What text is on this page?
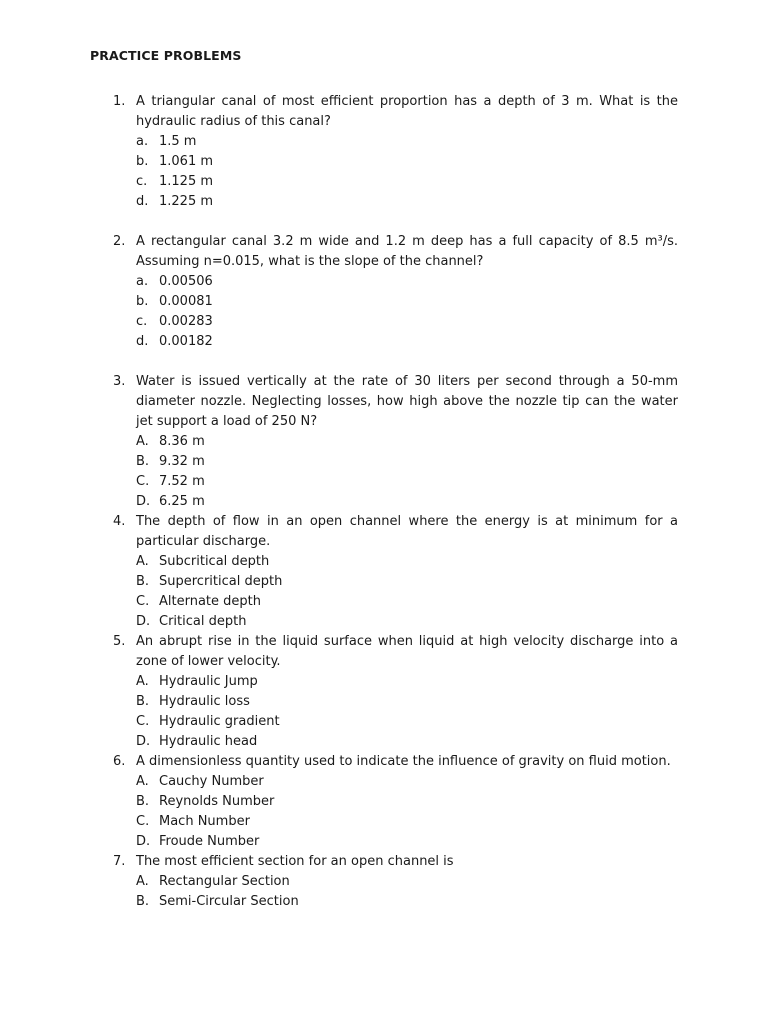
PRACTICE PROBLEMS
1. A triangular canal of most efficient proportion has a depth of 3 m. What is the hydraulic radius of this canal?
a. 1.5 m
b. 1.061 m
c. 1.125 m
d. 1.225 m
2. A rectangular canal 3.2 m wide and 1.2 m deep has a full capacity of 8.5 m³/s. Assuming n=0.015, what is the slope of the channel?
a. 0.00506
b. 0.00081
c. 0.00283
d. 0.00182
3. Water is issued vertically at the rate of 30 liters per second through a 50-mm diameter nozzle. Neglecting losses, how high above the nozzle tip can the water jet support a load of 250 N?
A. 8.36 m
B. 9.32 m
C. 7.52 m
D. 6.25 m
4. The depth of flow in an open channel where the energy is at minimum for a particular discharge.
A. Subcritical depth
B. Supercritical depth
C. Alternate depth
D. Critical depth
5. An abrupt rise in the liquid surface when liquid at high velocity discharge into a zone of lower velocity.
A. Hydraulic Jump
B. Hydraulic loss
C. Hydraulic gradient
D. Hydraulic head
6. A dimensionless quantity used to indicate the influence of gravity on fluid motion.
A. Cauchy Number
B. Reynolds Number
C. Mach Number
D. Froude Number
7. The most efficient section for an open channel is
A. Rectangular Section
B. Semi-Circular Section
